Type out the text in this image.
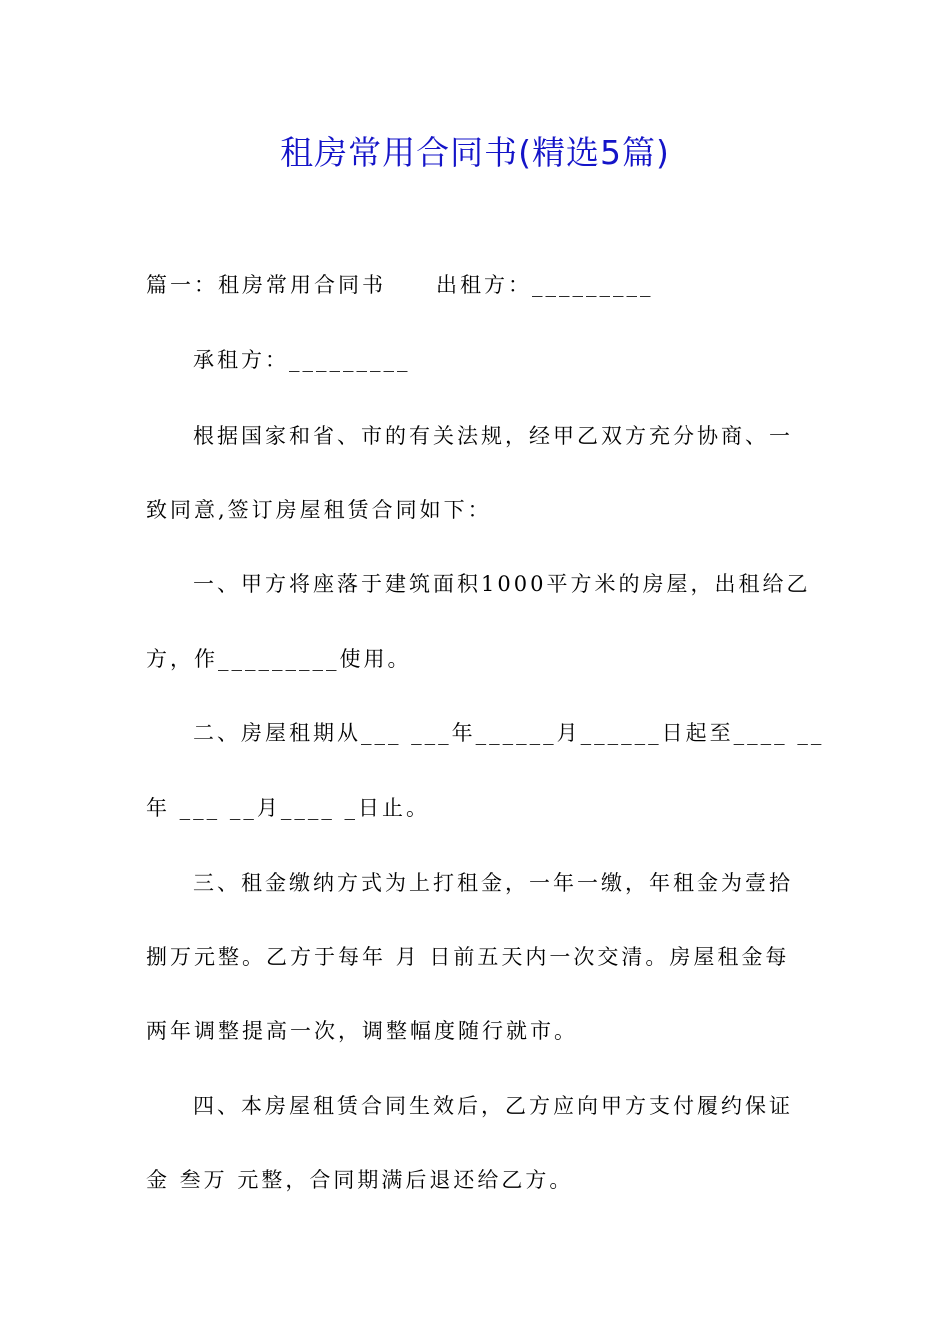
租房常用合同书(精选5篇)
篇一：租房常用合同书 出租方：_________
承租方：_________
根据国家和省、市的有关法规，经甲乙双方充分协商、一
致同意,签订房屋租赁合同如下：
一、甲方将座落于建筑面积1000平方米的房屋，出租给乙
方，作_________使用。
二、房屋租期从___ ___年______月______日起至____ __
年 ___ __月____ _日止。
三、租金缴纳方式为上打租金，一年一缴，年租金为壹拾
捌万元整。乙方于每年 月 日前五天内一次交清。房屋租金每
两年调整提高一次，调整幅度随行就市。
四、本房屋租赁合同生效后，乙方应向甲方支付履约保证
金 叁万 元整，合同期满后退还给乙方。
